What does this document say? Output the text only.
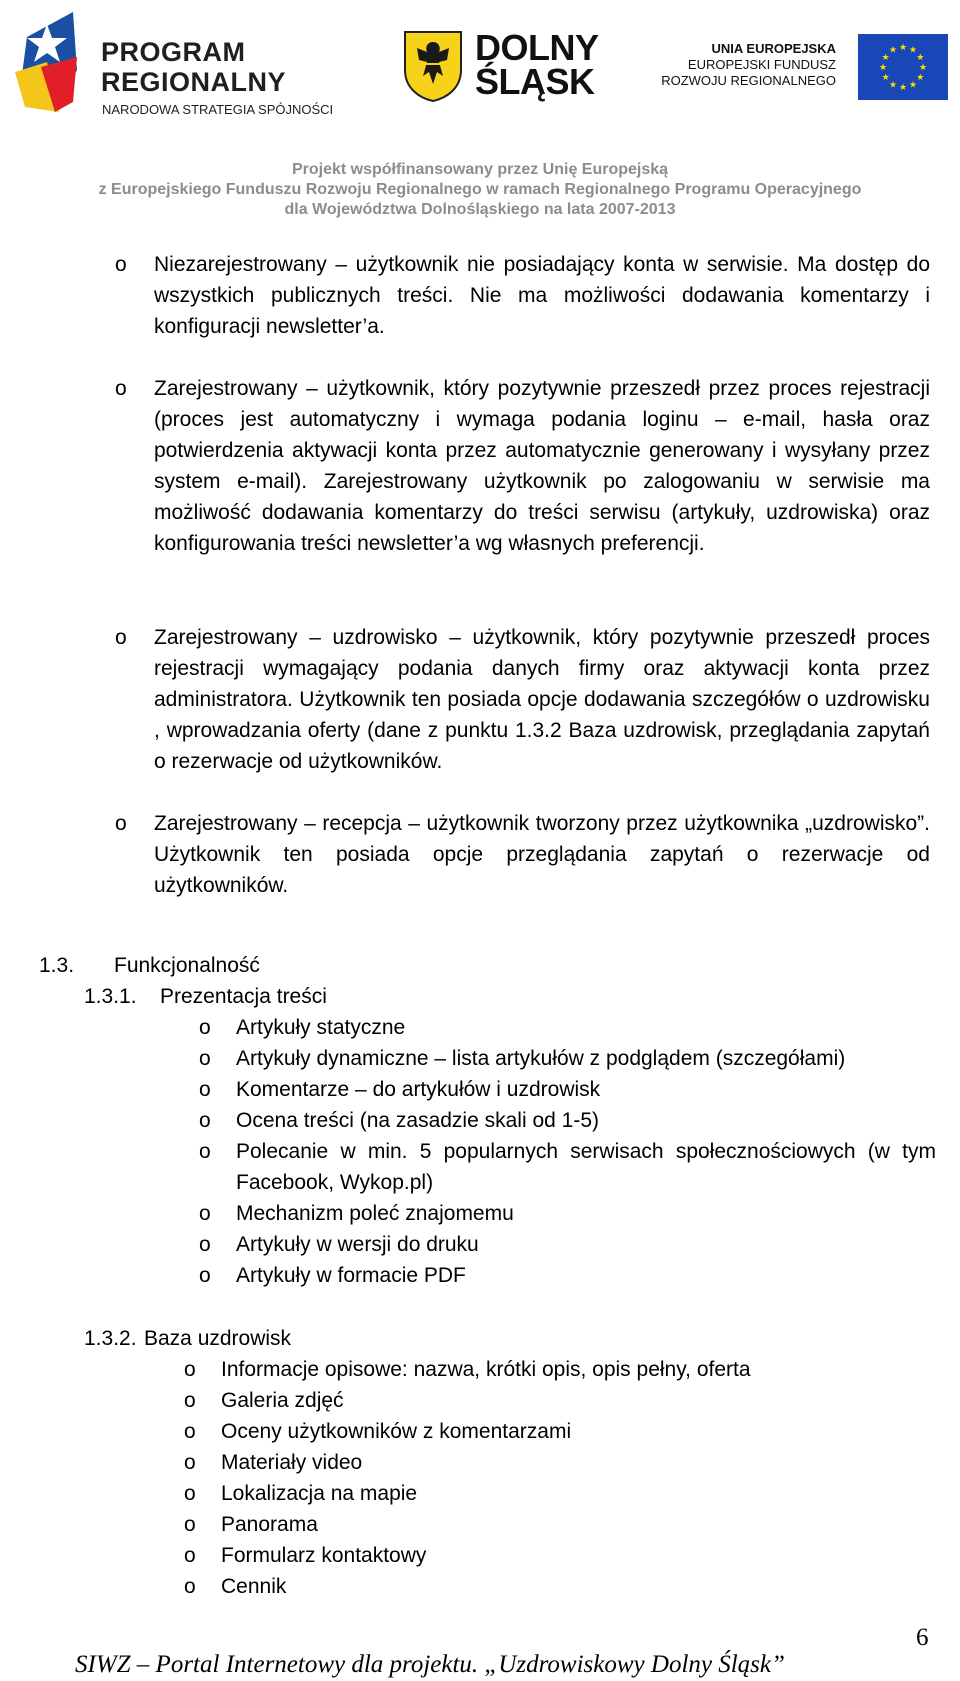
PROGRAM
REGIONALNY
NARODOWA STRATEGIA SPÓJNOŚCI
DOLNY
ŚLĄSK
UNIA EUROPEJSKA
EUROPEJSKI FUNDUSZ
ROZWOJU REGIONALNEGO
★ ★
★
★
★
★
★
★
★
★
★
★
Projekt współfinansowany przez Unię Europejską
z Europejskiego Funduszu Rozwoju Regionalnego w ramach Regionalnego Programu Operacyjnego
dla Województwa Dolnośląskiego na lata 2007-2013
o Niezarejestrowany – użytkownik nie posiadający konta w serwisie. Ma dostęp do wszystkich publicznych treści. Nie ma możliwości dodawania komentarzy i konfiguracji newsletter’a.
o Zarejestrowany – użytkownik, który pozytywnie przeszedł przez proces rejestracji (proces jest automatyczny i wymaga podania loginu – e-mail, hasła oraz potwierdzenia aktywacji konta przez automatycznie generowany i wysyłany przez system e-mail). Zarejestrowany użytkownik po zalogowaniu w serwisie ma możliwość dodawania komentarzy do treści serwisu (artykuły, uzdrowiska) oraz konfigurowania treści newsletter’a wg własnych preferencji.
o Zarejestrowany – uzdrowisko – użytkownik, który pozytywnie przeszedł proces rejestracji wymagający podania danych firmy oraz aktywacji konta przez administratora. Użytkownik ten posiada opcje dodawania szczegółów o uzdrowisku , wprowadzania oferty (dane z punktu 1.3.2 Baza uzdrowisk, przeglądania zapytań o rezerwacje od użytkowników.
o Zarejestrowany – recepcja – użytkownik tworzony przez użytkownika „uzdrowisko”. Użytkownik ten posiada opcje przeglądania zapytań o rezerwacje od użytkowników.
1.3. Funkcjonalność
1.3.1. Prezentacja treści
o Artykuły statyczne
o Artykuły dynamiczne – lista artykułów z podglądem (szczegółami)
o Komentarze – do artykułów i uzdrowisk
o Ocena treści (na zasadzie skali od 1-5)
o Polecanie w min. 5 popularnych serwisach społecznościowych (w tym Facebook, Wykop.pl)
o Mechanizm poleć znajomemu
o Artykuły w wersji do druku
o Artykuły w formacie PDF
1.3.2. Baza uzdrowisk
o Informacje opisowe: nazwa, krótki opis, opis pełny, oferta
o Galeria zdjęć
o Oceny użytkowników z komentarzami
o Materiały video
o Lokalizacja na mapie
o Panorama
o Formularz kontaktowy
o Cennik
6
SIWZ – Portal Internetowy dla projektu. „Uzdrowiskowy Dolny Śląsk”
